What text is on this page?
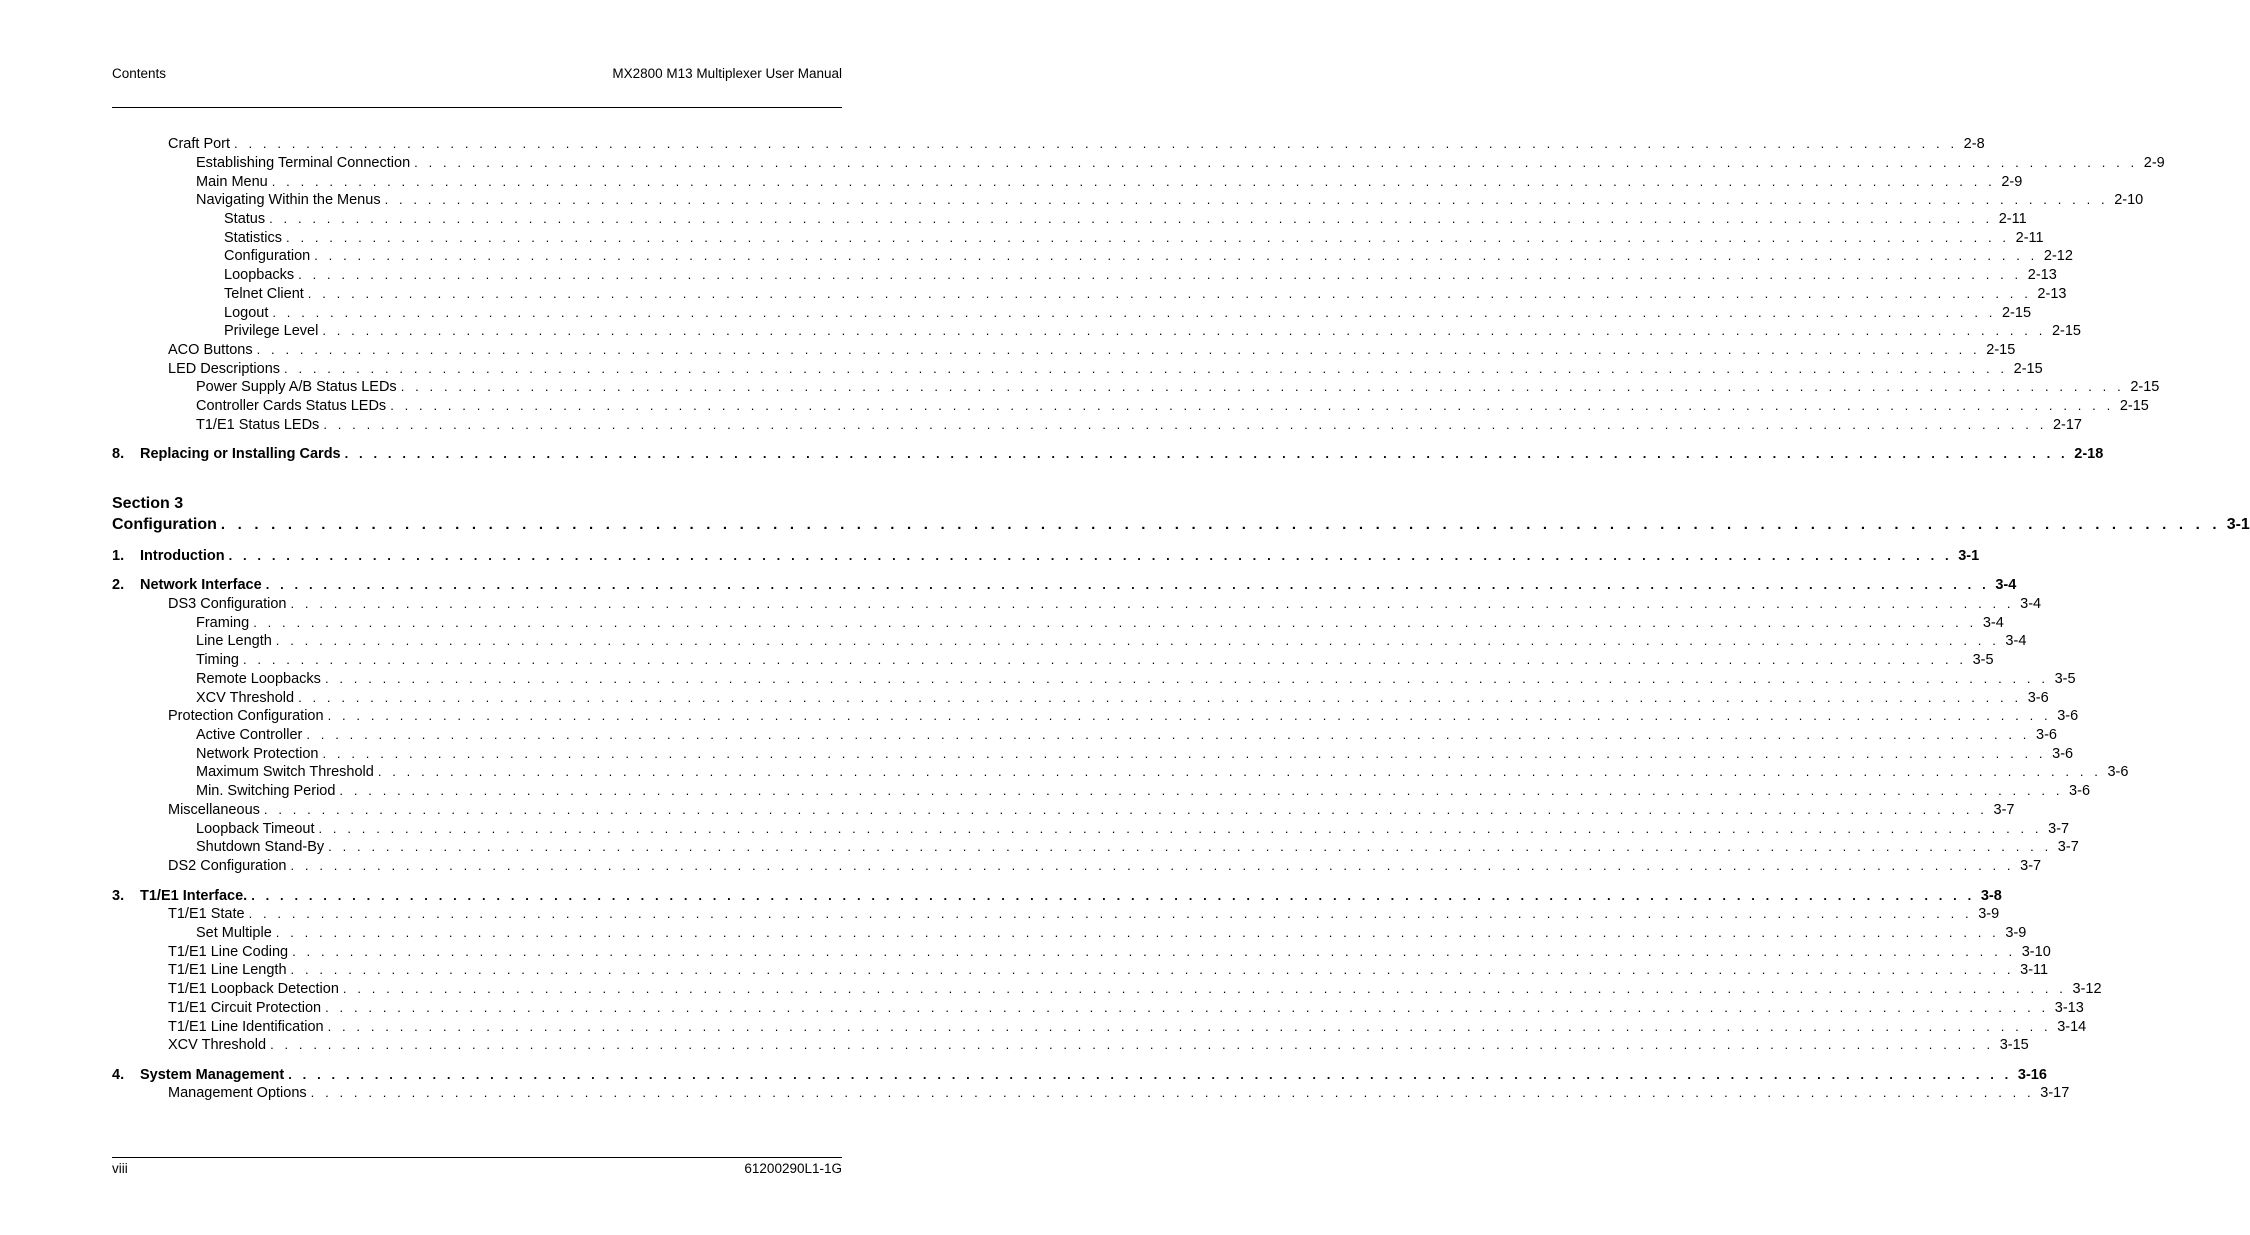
Contents	MX2800 M13 Multiplexer User Manual
Craft Port . . . . . . . . . . . . . . . . . . . . . . . . . . . . . . . . . . . . . . . . . . . . . . . . . . . . . . . . . . . . . . . . . . . . . . . . . . . . . . . . . . . . . . . . . . . . . . . . . . . . . . . . . . . . . . . . . . . . . . . . 2-8
Establishing Terminal Connection . . . . . . . . . . . . . . . . . . . . . . . . . . . . . . . . . . . . . . . . . . . . . . . . . . . . . . . . . . . . . . . . . . . . . . . . . . . . . . . . . . . . . . . . . . . . . . . . . . . . . . . . . . . . . . . . . . . . . . . . 2-9
Main Menu . . . . . . . . . . . . . . . . . . . . . . . . . . . . . . . . . . . . . . . . . . . . . . . . . . . . . . . . . . . . . . . . . . . . . . . . . . . . . . . . . . . . . . . . . . . . . . . . . . . . . . . . . . . . . . . . . . . . . . . . 2-9
Navigating Within the Menus . . . . . . . . . . . . . . . . . . . . . . . . . . . . . . . . . . . . . . . . . . . . . . . . . . . . . . . . . . . . . . . . . . . . . . . . . . . . . . . . . . . . . . . . . . . . . . . . . . . . . . . . . . . . . . . . . . . . . . . . 2-10
Status . . . . . . . . . . . . . . . . . . . . . . . . . . . . . . . . . . . . . . . . . . . . . . . . . . . . . . . . . . . . . . . . . . . . . . . . . . . . . . . . . . . . . . . . . . . . . . . . . . . . . . . . . . . . . . . . . . . . . . . . 2-11
Statistics . . . . . . . . . . . . . . . . . . . . . . . . . . . . . . . . . . . . . . . . . . . . . . . . . . . . . . . . . . . . . . . . . . . . . . . . . . . . . . . . . . . . . . . . . . . . . . . . . . . . . . . . . . . . . . . . . . . . . . . . 2-11
Configuration . . . . . . . . . . . . . . . . . . . . . . . . . . . . . . . . . . . . . . . . . . . . . . . . . . . . . . . . . . . . . . . . . . . . . . . . . . . . . . . . . . . . . . . . . . . . . . . . . . . . . . . . . . . . . . . . . . . . . . . . 2-12
Loopbacks . . . . . . . . . . . . . . . . . . . . . . . . . . . . . . . . . . . . . . . . . . . . . . . . . . . . . . . . . . . . . . . . . . . . . . . . . . . . . . . . . . . . . . . . . . . . . . . . . . . . . . . . . . . . . . . . . . . . . . . . 2-13
Telnet Client . . . . . . . . . . . . . . . . . . . . . . . . . . . . . . . . . . . . . . . . . . . . . . . . . . . . . . . . . . . . . . . . . . . . . . . . . . . . . . . . . . . . . . . . . . . . . . . . . . . . . . . . . . . . . . . . . . . . . . . . 2-13
Logout . . . . . . . . . . . . . . . . . . . . . . . . . . . . . . . . . . . . . . . . . . . . . . . . . . . . . . . . . . . . . . . . . . . . . . . . . . . . . . . . . . . . . . . . . . . . . . . . . . . . . . . . . . . . . . . . . . . . . . . . 2-15
Privilege Level . . . . . . . . . . . . . . . . . . . . . . . . . . . . . . . . . . . . . . . . . . . . . . . . . . . . . . . . . . . . . . . . . . . . . . . . . . . . . . . . . . . . . . . . . . . . . . . . . . . . . . . . . . . . . . . . . . . . . . . . 2-15
ACO Buttons . . . . . . . . . . . . . . . . . . . . . . . . . . . . . . . . . . . . . . . . . . . . . . . . . . . . . . . . . . . . . . . . . . . . . . . . . . . . . . . . . . . . . . . . . . . . . . . . . . . . . . . . . . . . . . . . . . . . . . . . 2-15
LED Descriptions . . . . . . . . . . . . . . . . . . . . . . . . . . . . . . . . . . . . . . . . . . . . . . . . . . . . . . . . . . . . . . . . . . . . . . . . . . . . . . . . . . . . . . . . . . . . . . . . . . . . . . . . . . . . . . . . . . . . . . . . 2-15
Power Supply A/B Status LEDs . . . . . . . . . . . . . . . . . . . . . . . . . . . . . . . . . . . . . . . . . . . . . . . . . . . . . . . . . . . . . . . . . . . . . . . . . . . . . . . . . . . . . . . . . . . . . . . . . . . . . . . . . . . . . . . . . . . . . . . . 2-15
Controller Cards Status LEDs . . . . . . . . . . . . . . . . . . . . . . . . . . . . . . . . . . . . . . . . . . . . . . . . . . . . . . . . . . . . . . . . . . . . . . . . . . . . . . . . . . . . . . . . . . . . . . . . . . . . . . . . . . . . . . . . . . . . . . . . 2-15
T1/E1 Status LEDs . . . . . . . . . . . . . . . . . . . . . . . . . . . . . . . . . . . . . . . . . . . . . . . . . . . . . . . . . . . . . . . . . . . . . . . . . . . . . . . . . . . . . . . . . . . . . . . . . . . . . . . . . . . . . . . . . . . . . . . . 2-17
8.	Replacing or Installing Cards . . . . . . . . . . . . . . . . . . . . . . . . . . . . . . . . . . . . . . . . . . . . . . . . . . . . . . . . . . . . . . . . . . . . . . . . . . . . . . . . . . . . . . . . . . . . . . . . . . . . . . . . . . . . . . . . . . . . . . . . 2-18
Configuration . . . . . . . . . . . . . . . . . . . . . . . . . . . . . . . . . . . . . . . . . . . . . . . . . . . . . . . . . . . . . . . . . . . . . . . . . . . . . . . . . . . . . . . . . . . . . . . . . . . . . . . . . . . . . . . . . . . . . . . . 3-1
1.	Introduction . . . . . . . . . . . . . . . . . . . . . . . . . . . . . . . . . . . . . . . . . . . . . . . . . . . . . . . . . . . . . . . . . . . . . . . . . . . . . . . . . . . . . . . . . . . . . . . . . . . . . . . . . . . . . . . . . . . . . . . . 3-1
2.	Network Interface . . . . . . . . . . . . . . . . . . . . . . . . . . . . . . . . . . . . . . . . . . . . . . . . . . . . . . . . . . . . . . . . . . . . . . . . . . . . . . . . . . . . . . . . . . . . . . . . . . . . . . . . . . . . . . . . . . . . . . . . 3-4
DS3 Configuration . . . . . . . . . . . . . . . . . . . . . . . . . . . . . . . . . . . . . . . . . . . . . . . . . . . . . . . . . . . . . . . . . . . . . . . . . . . . . . . . . . . . . . . . . . . . . . . . . . . . . . . . . . . . . . . . . . . . . . . . 3-4
Framing . . . . . . . . . . . . . . . . . . . . . . . . . . . . . . . . . . . . . . . . . . . . . . . . . . . . . . . . . . . . . . . . . . . . . . . . . . . . . . . . . . . . . . . . . . . . . . . . . . . . . . . . . . . . . . . . . . . . . . . . 3-4
Line Length . . . . . . . . . . . . . . . . . . . . . . . . . . . . . . . . . . . . . . . . . . . . . . . . . . . . . . . . . . . . . . . . . . . . . . . . . . . . . . . . . . . . . . . . . . . . . . . . . . . . . . . . . . . . . . . . . . . . . . . . 3-4
Timing . . . . . . . . . . . . . . . . . . . . . . . . . . . . . . . . . . . . . . . . . . . . . . . . . . . . . . . . . . . . . . . . . . . . . . . . . . . . . . . . . . . . . . . . . . . . . . . . . . . . . . . . . . . . . . . . . . . . . . . . 3-5
Remote Loopbacks . . . . . . . . . . . . . . . . . . . . . . . . . . . . . . . . . . . . . . . . . . . . . . . . . . . . . . . . . . . . . . . . . . . . . . . . . . . . . . . . . . . . . . . . . . . . . . . . . . . . . . . . . . . . . . . . . . . . . . . . 3-5
XCV Threshold . . . . . . . . . . . . . . . . . . . . . . . . . . . . . . . . . . . . . . . . . . . . . . . . . . . . . . . . . . . . . . . . . . . . . . . . . . . . . . . . . . . . . . . . . . . . . . . . . . . . . . . . . . . . . . . . . . . . . . . . 3-6
Protection Configuration . . . . . . . . . . . . . . . . . . . . . . . . . . . . . . . . . . . . . . . . . . . . . . . . . . . . . . . . . . . . . . . . . . . . . . . . . . . . . . . . . . . . . . . . . . . . . . . . . . . . . . . . . . . . . . . . . . . . . . . . 3-6
Active Controller . . . . . . . . . . . . . . . . . . . . . . . . . . . . . . . . . . . . . . . . . . . . . . . . . . . . . . . . . . . . . . . . . . . . . . . . . . . . . . . . . . . . . . . . . . . . . . . . . . . . . . . . . . . . . . . . . . . . . . . . 3-6
Network Protection . . . . . . . . . . . . . . . . . . . . . . . . . . . . . . . . . . . . . . . . . . . . . . . . . . . . . . . . . . . . . . . . . . . . . . . . . . . . . . . . . . . . . . . . . . . . . . . . . . . . . . . . . . . . . . . . . . . . . . . . 3-6
Maximum Switch Threshold . . . . . . . . . . . . . . . . . . . . . . . . . . . . . . . . . . . . . . . . . . . . . . . . . . . . . . . . . . . . . . . . . . . . . . . . . . . . . . . . . . . . . . . . . . . . . . . . . . . . . . . . . . . . . . . . . . . . . . . . 3-6
Min. Switching Period . . . . . . . . . . . . . . . . . . . . . . . . . . . . . . . . . . . . . . . . . . . . . . . . . . . . . . . . . . . . . . . . . . . . . . . . . . . . . . . . . . . . . . . . . . . . . . . . . . . . . . . . . . . . . . . . . . . . . . . . 3-6
Miscellaneous . . . . . . . . . . . . . . . . . . . . . . . . . . . . . . . . . . . . . . . . . . . . . . . . . . . . . . . . . . . . . . . . . . . . . . . . . . . . . . . . . . . . . . . . . . . . . . . . . . . . . . . . . . . . . . . . . . . . . . . . 3-7
Loopback Timeout . . . . . . . . . . . . . . . . . . . . . . . . . . . . . . . . . . . . . . . . . . . . . . . . . . . . . . . . . . . . . . . . . . . . . . . . . . . . . . . . . . . . . . . . . . . . . . . . . . . . . . . . . . . . . . . . . . . . . . . . 3-7
Shutdown Stand-By . . . . . . . . . . . . . . . . . . . . . . . . . . . . . . . . . . . . . . . . . . . . . . . . . . . . . . . . . . . . . . . . . . . . . . . . . . . . . . . . . . . . . . . . . . . . . . . . . . . . . . . . . . . . . . . . . . . . . . . . 3-7
DS2 Configuration . . . . . . . . . . . . . . . . . . . . . . . . . . . . . . . . . . . . . . . . . . . . . . . . . . . . . . . . . . . . . . . . . . . . . . . . . . . . . . . . . . . . . . . . . . . . . . . . . . . . . . . . . . . . . . . . . . . . . . . . 3-7
3.	T1/E1 Interface. . . . . . . . . . . . . . . . . . . . . . . . . . . . . . . . . . . . . . . . . . . . . . . . . . . . . . . . . . . . . . . . . . . . . . . . . . . . . . . . . . . . . . . . . . . . . . . . . . . . . . . . . . . . . . . . . . . . . . . . . 3-8
T1/E1 State . . . . . . . . . . . . . . . . . . . . . . . . . . . . . . . . . . . . . . . . . . . . . . . . . . . . . . . . . . . . . . . . . . . . . . . . . . . . . . . . . . . . . . . . . . . . . . . . . . . . . . . . . . . . . . . . . . . . . . . . 3-9
Set Multiple . . . . . . . . . . . . . . . . . . . . . . . . . . . . . . . . . . . . . . . . . . . . . . . . . . . . . . . . . . . . . . . . . . . . . . . . . . . . . . . . . . . . . . . . . . . . . . . . . . . . . . . . . . . . . . . . . . . . . . . . 3-9
T1/E1 Line Coding . . . . . . . . . . . . . . . . . . . . . . . . . . . . . . . . . . . . . . . . . . . . . . . . . . . . . . . . . . . . . . . . . . . . . . . . . . . . . . . . . . . . . . . . . . . . . . . . . . . . . . . . . . . . . . . . . . . . . . . . 3-10
T1/E1 Line Length . . . . . . . . . . . . . . . . . . . . . . . . . . . . . . . . . . . . . . . . . . . . . . . . . . . . . . . . . . . . . . . . . . . . . . . . . . . . . . . . . . . . . . . . . . . . . . . . . . . . . . . . . . . . . . . . . . . . . . . . 3-11
T1/E1 Loopback Detection . . . . . . . . . . . . . . . . . . . . . . . . . . . . . . . . . . . . . . . . . . . . . . . . . . . . . . . . . . . . . . . . . . . . . . . . . . . . . . . . . . . . . . . . . . . . . . . . . . . . . . . . . . . . . . . . . . . . . . . . 3-12
T1/E1 Circuit Protection . . . . . . . . . . . . . . . . . . . . . . . . . . . . . . . . . . . . . . . . . . . . . . . . . . . . . . . . . . . . . . . . . . . . . . . . . . . . . . . . . . . . . . . . . . . . . . . . . . . . . . . . . . . . . . . . . . . . . . . . 3-13
T1/E1 Line Identification . . . . . . . . . . . . . . . . . . . . . . . . . . . . . . . . . . . . . . . . . . . . . . . . . . . . . . . . . . . . . . . . . . . . . . . . . . . . . . . . . . . . . . . . . . . . . . . . . . . . . . . . . . . . . . . . . . . . . . . . 3-14
XCV Threshold . . . . . . . . . . . . . . . . . . . . . . . . . . . . . . . . . . . . . . . . . . . . . . . . . . . . . . . . . . . . . . . . . . . . . . . . . . . . . . . . . . . . . . . . . . . . . . . . . . . . . . . . . . . . . . . . . . . . . . . . 3-15
4.	System Management . . . . . . . . . . . . . . . . . . . . . . . . . . . . . . . . . . . . . . . . . . . . . . . . . . . . . . . . . . . . . . . . . . . . . . . . . . . . . . . . . . . . . . . . . . . . . . . . . . . . . . . . . . . . . . . . . . . . . . . . 3-16
Management Options . . . . . . . . . . . . . . . . . . . . . . . . . . . . . . . . . . . . . . . . . . . . . . . . . . . . . . . . . . . . . . . . . . . . . . . . . . . . . . . . . . . . . . . . . . . . . . . . . . . . . . . . . . . . . . . . . . . . . . . . 3-17
Section 3
viii	61200290L1-1G
